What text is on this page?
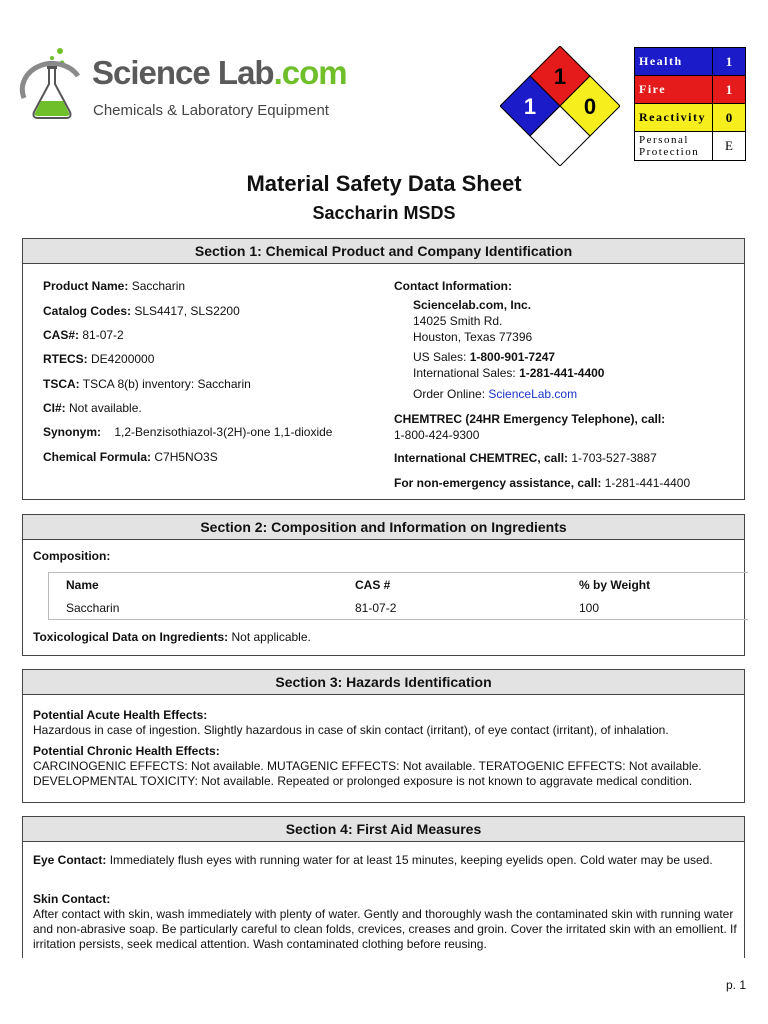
Science Lab.com
Chemicals & Laboratory Equipment
1
1 0
Health	1
Fire	1
Reactivity	0
Personal
Protection	E
Material Safety Data Sheet
Saccharin MSDS
Section 1: Chemical Product and Company Identification
Product Name: Saccharin
Catalog Codes: SLS4417, SLS2200
CAS#: 81-07-2
RTECS: DE4200000
TSCA: TSCA 8(b) inventory: Saccharin
CI#: Not available.
Synonym:    1,2-Benzisothiazol-3(2H)-one 1,1-dioxide
Chemical Formula: C7H5NO3S
Contact Information:
Sciencelab.com, Inc.
14025 Smith Rd.
Houston, Texas 77396
US Sales: 1-800-901-7247
International Sales: 1-281-441-4400
Order Online: ScienceLab.com
CHEMTREC (24HR Emergency Telephone), call:
1-800-424-9300
International CHEMTREC, call: 1-703-527-3887
For non-emergency assistance, call: 1-281-441-4400
Section 2: Composition and Information on Ingredients
Composition:
Name	CAS #	% by Weight
Saccharin	81-07-2	100
Toxicological Data on Ingredients: Not applicable.
Section 3: Hazards Identification
Potential Acute Health Effects:
Hazardous in case of ingestion. Slightly hazardous in case of skin contact (irritant), of eye contact (irritant), of inhalation.
Potential Chronic Health Effects:
CARCINOGENIC EFFECTS: Not available. MUTAGENIC EFFECTS: Not available. TERATOGENIC EFFECTS: Not available.
DEVELOPMENTAL TOXICITY: Not available. Repeated or prolonged exposure is not known to aggravate medical condition.
Section 4: First Aid Measures
Eye Contact: Immediately flush eyes with running water for at least 15 minutes, keeping eyelids open. Cold water may be used.
Skin Contact:
After contact with skin, wash immediately with plenty of water. Gently and thoroughly wash the contaminated skin with running water and non-abrasive soap. Be particularly careful to clean folds, crevices, creases and groin. Cover the irritated skin with an emollient. If irritation persists, seek medical attention. Wash contaminated clothing before reusing.
p. 1
